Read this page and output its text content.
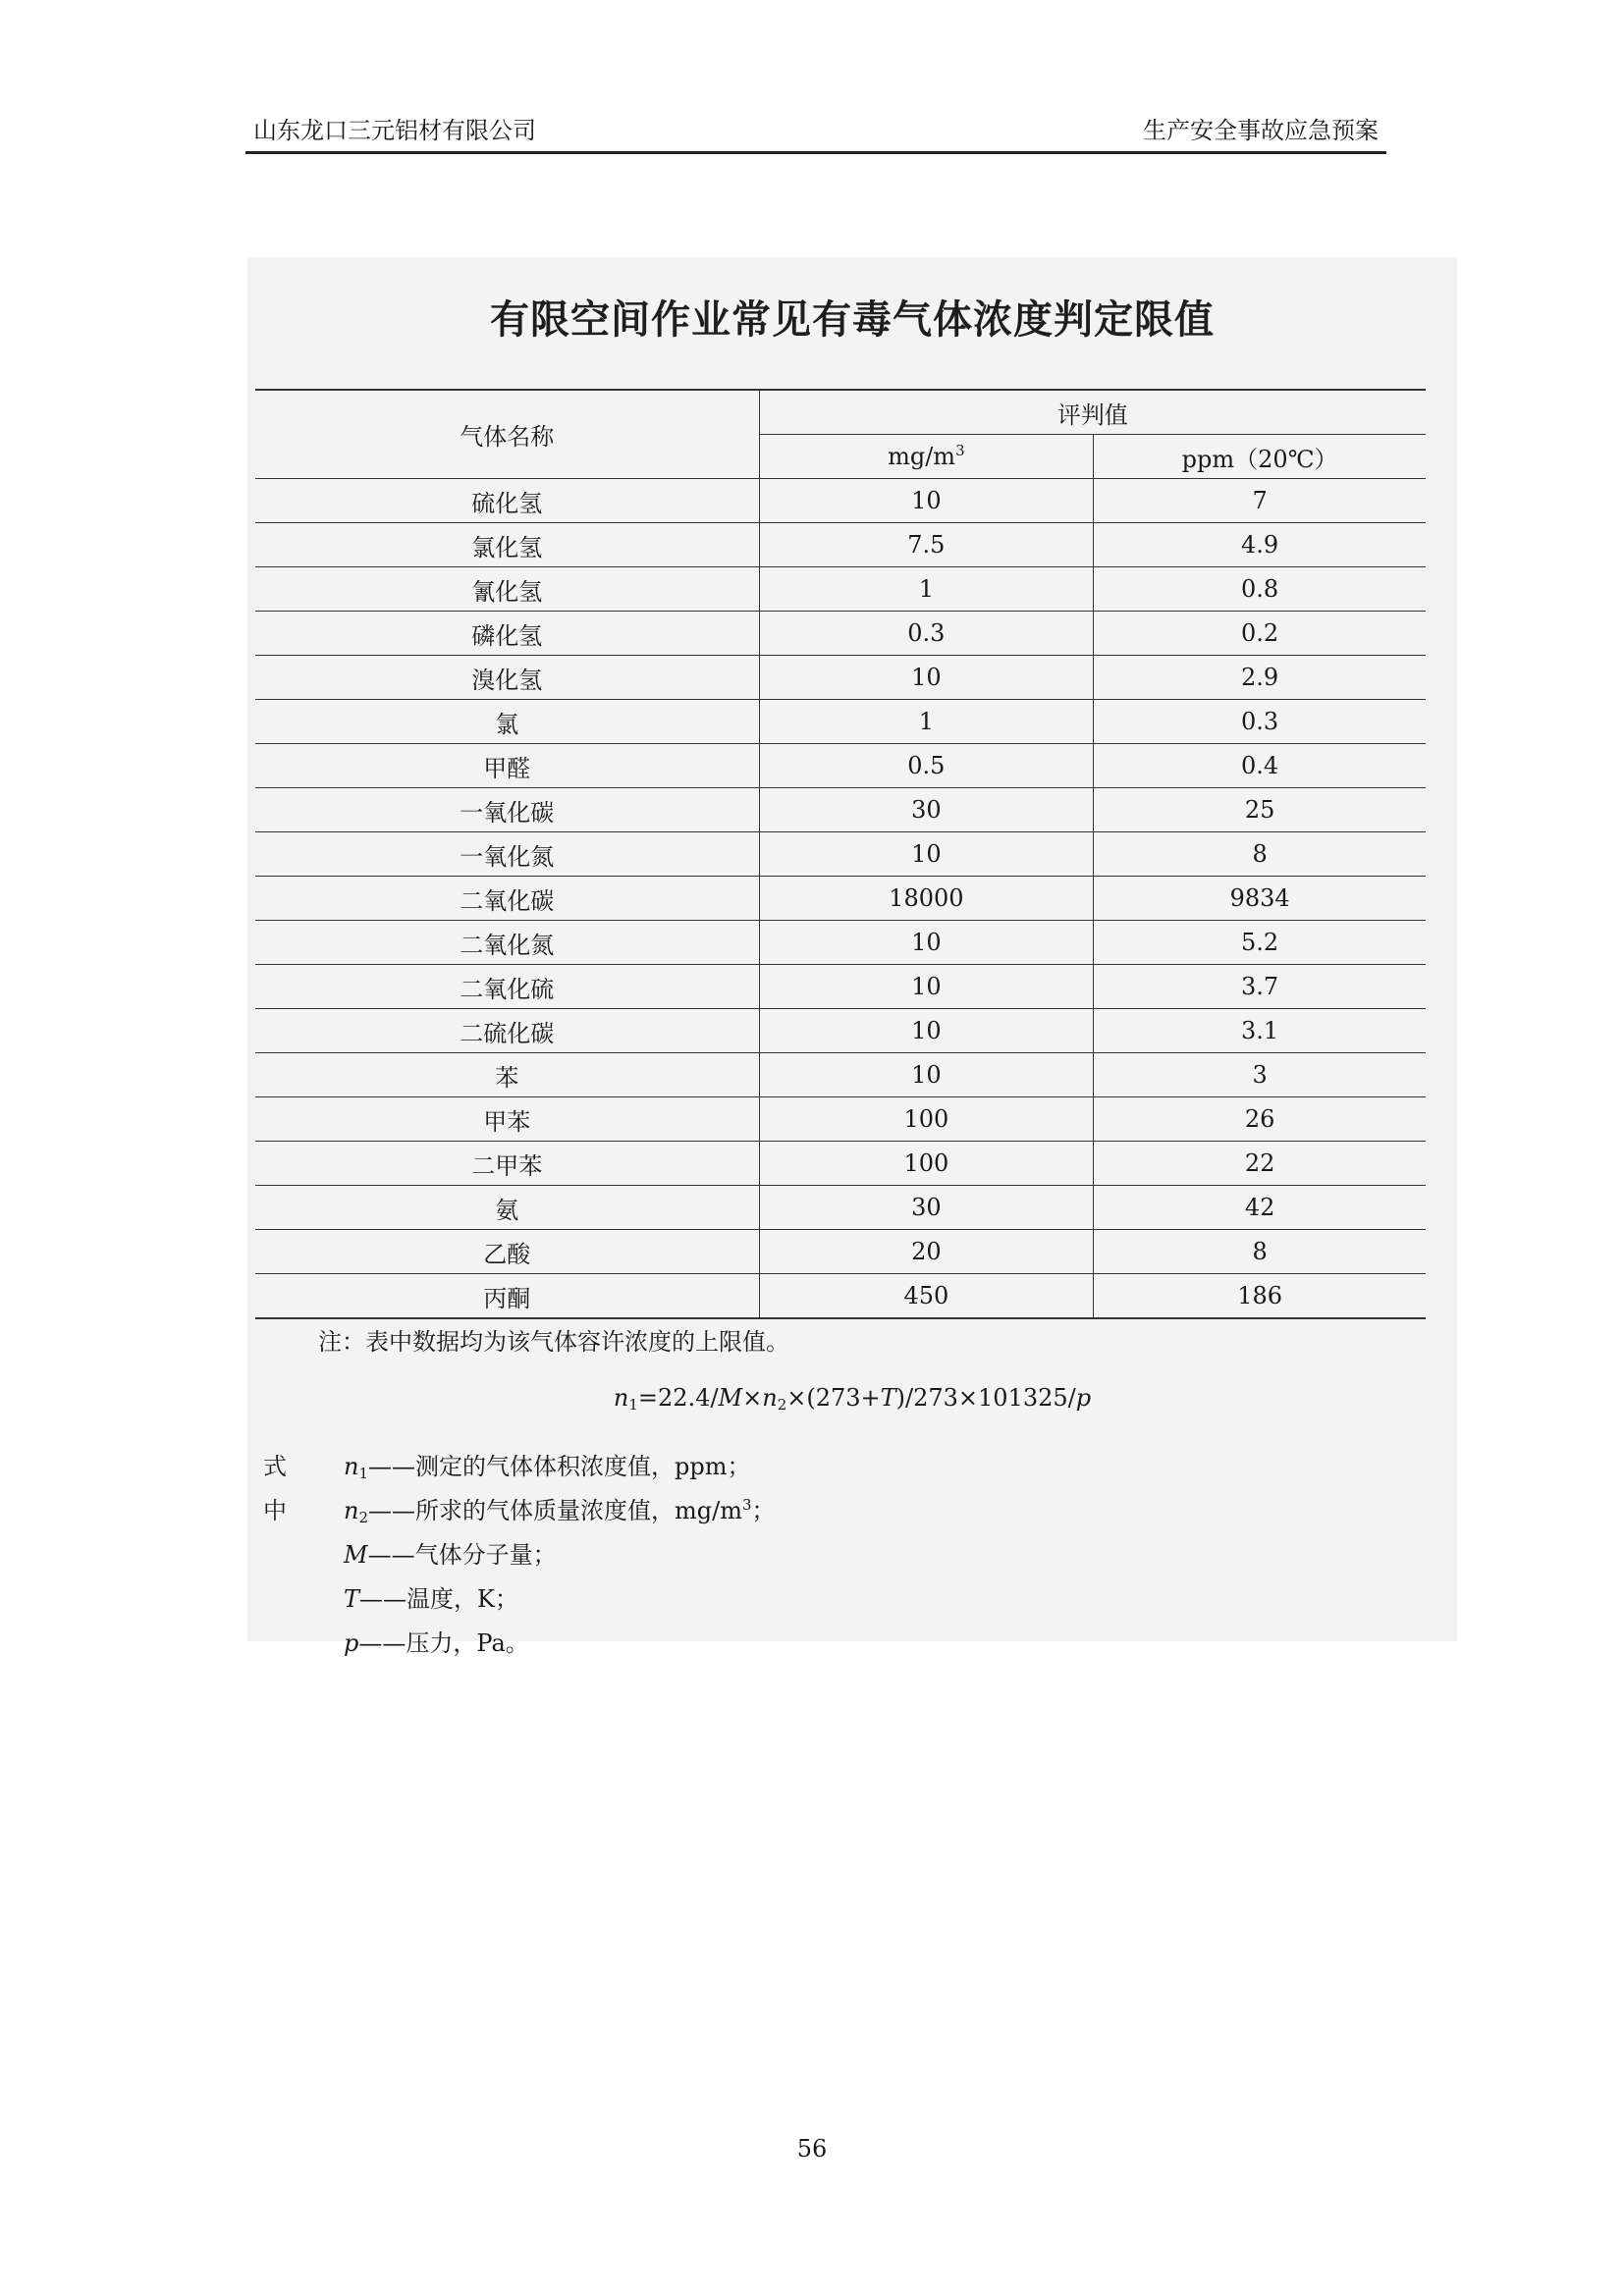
山东龙口三元铝材有限公司	生产安全事故应急预案
有限空间作业常见有毒气体浓度判定限值
气体名称	评判值	
	$mg/m^3$	ppm（20℃）
硫化氢	10	7
氯化氢	7.5	4.9
氰化氢	1	0.8
磷化氢	0.3	0.2
溴化氢	10	2.9
氯	1	0.3
甲醛	0.5	0.4
一氧化碳	30	25
一氧化氮	10	8
二氧化碳	18000	9834
二氧化氮	10	5.2
二氧化硫	10	3.7
二硫化碳	10	3.1
苯	10	3
甲苯	100	26
二甲苯	100	22
氨	30	42
乙酸	20	8
丙酮	450	186
注：表中数据均为该气体容许浓度的上限值。
$n_1=22.4/M\times n_2\times(273+T)/273\times 101325/p$
式中
$n_1——$测定的气体体积浓度值，ppm；
$n_2——$所求的气体质量浓度值，$mg/m^3$；
M——气体分子量；
T——温度，K；
p——压力，Pa。
56
